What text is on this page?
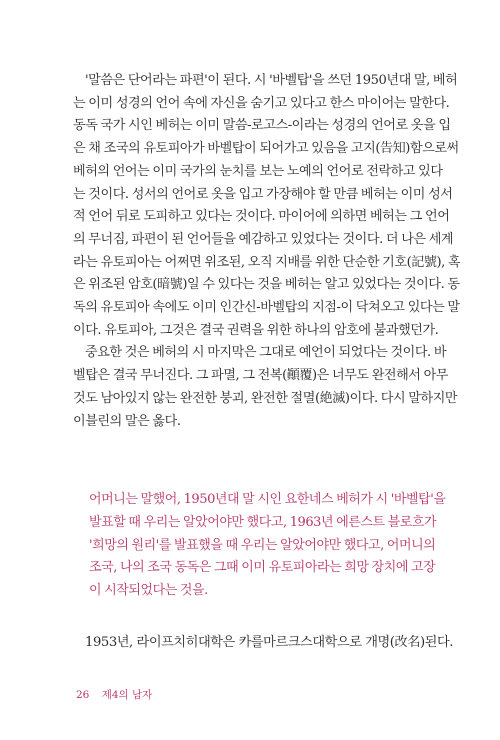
'말씀은 단어라는 파편'이 된다. 시 '바벨탑'을 쓰던 1950년대 말, 베허
는 이미 성경의 언어 속에 자신을 숨기고 있다고 한스 마이어는 말한다.
동독 국가 시인 베허는 이미 말씀-로고스-이라는 성경의 언어로 옷을 입
은 채 조국의 유토피아가 바벨탑이 되어가고 있음을 고지(告知)함으로써
베허의 언어는 이미 국가의 눈치를 보는 노예의 언어로 전락하고 있다
는 것이다. 성서의 언어로 옷을 입고 가장해야 할 만큼 베허는 이미 성서
적 언어 뒤로 도피하고 있다는 것이다. 마이어에 의하면 베허는 그 언어
의 무너짐, 파편이 된 언어들을 예감하고 있었다는 것이다. 더 나은 세계
라는 유토피아는 어쩌면 위조된, 오직 지배를 위한 단순한 기호(記號), 혹
은 위조된 암호(暗號)일 수 있다는 것을 베허는 알고 있었다는 것이다. 동
독의 유토피아 속에도 이미 인간신-바벨탑의 지점-이 닥쳐오고 있다는 말
이다. 유토피아, 그것은 결국 권력을 위한 하나의 암호에 불과했던가.
중요한 것은 베허의 시 마지막은 그대로 예언이 되었다는 것이다. 바
벨탑은 결국 무너진다. 그 파멸, 그 전복(顚覆)은 너무도 완전해서 아무
것도 남아있지 않는 완전한 붕괴, 완전한 절멸(絶滅)이다. 다시 말하지만
이블린의 말은 옳다.
어머니는 말했어, 1950년대 말 시인 요한네스 베허가 시 '바벨탑'을
발표할 때 우리는 알았어야만 했다고, 1963년 에른스트 블로흐가
'희망의 원리'를 발표했을 때 우리는 알았어야만 했다고, 어머니의
조국, 나의 조국 동독은 그때 이미 유토피아라는 희망 장치에 고장
이 시작되었다는 것을.
1953년, 라이프치히대학은 카를마르크스대학으로 개명(改名)된다.
26 제4의 남자
